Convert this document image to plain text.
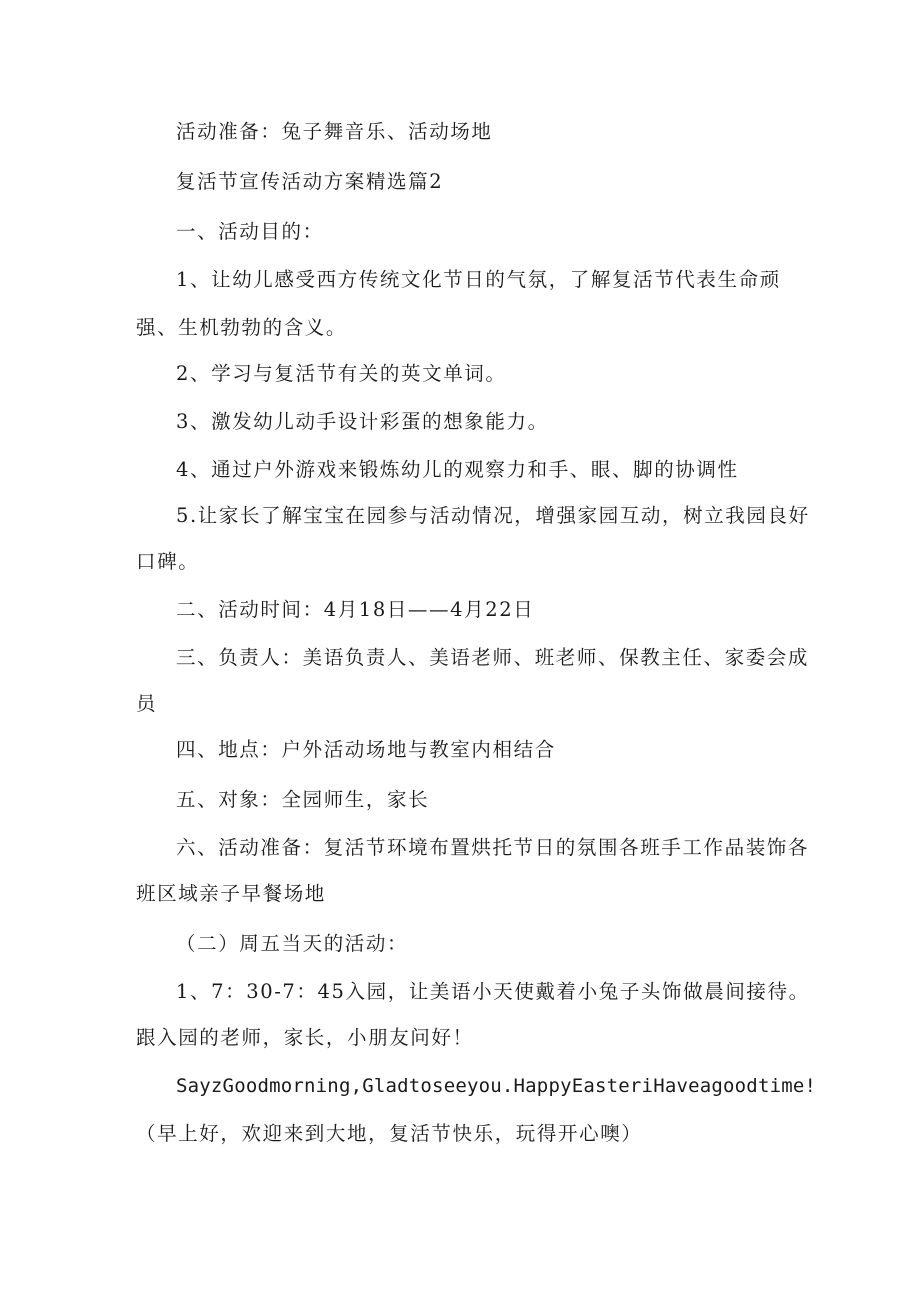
活动准备：兔子舞音乐、活动场地
复活节宣传活动方案精选篇2
一、活动目的：
1、让幼儿感受西方传统文化节日的气氛，了解复活节代表生命顽
强、生机勃勃的含义。
2、学习与复活节有关的英文单词。
3、激发幼儿动手设计彩蛋的想象能力。
4、通过户外游戏来锻炼幼儿的观察力和手、眼、脚的协调性
5.让家长了解宝宝在园参与活动情况，增强家园互动，树立我园良好
口碑。
二、活动时间：4月18日——4月22日
三、负责人：美语负责人、美语老师、班老师、保教主任、家委会成
员
四、地点：户外活动场地与教室内相结合
五、对象：全园师生，家长
六、活动准备：复活节环境布置烘托节日的氛围各班手工作品装饰各
班区域亲子早餐场地
（二）周五当天的活动：
1、7：30-7：45入园，让美语小天使戴着小兔子头饰做晨间接待。
跟入园的老师，家长，小朋友问好！
SayzGoodmorning,Gladtoseeyou.HappyEasteriHaveagoodtime!
（早上好，欢迎来到大地，复活节快乐，玩得开心噢）
